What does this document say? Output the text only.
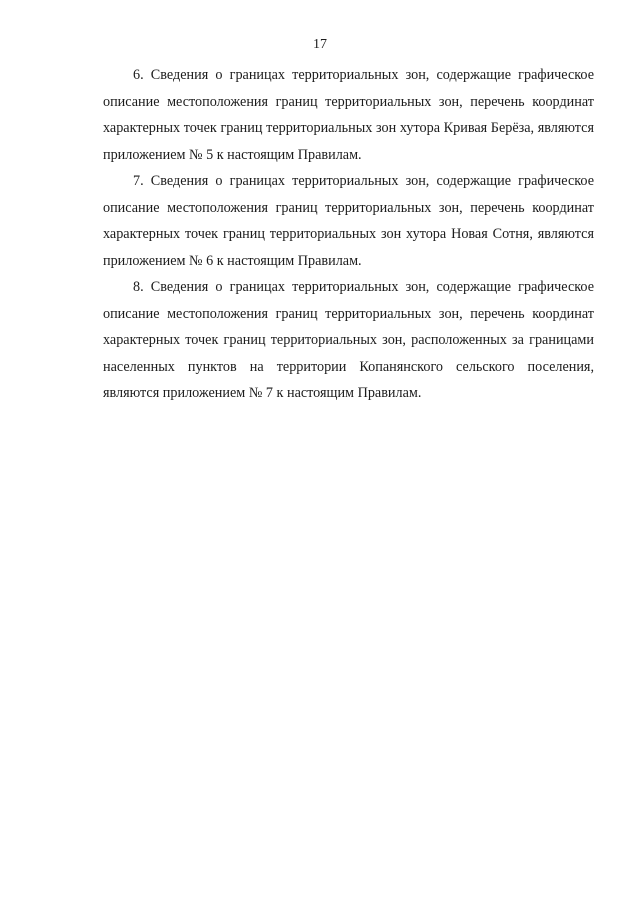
17

6. Сведения о границах территориальных зон, содержащие графическое описание местоположения границ территориальных зон, перечень координат характерных точек границ территориальных зон хутора Кривая Берёза, являются приложением № 5 к настоящим Правилам.

7. Сведения о границах территориальных зон, содержащие графическое описание местоположения границ территориальных зон, перечень координат характерных точек границ территориальных зон хутора Новая Сотня, являются приложением № 6 к настоящим Правилам.

8. Сведения о границах территориальных зон, содержащие графическое описание местоположения границ территориальных зон, перечень координат характерных точек границ территориальных зон, расположенных за границами населенных пунктов на территории Копанянского сельского поселения, являются приложением № 7 к настоящим Правилам.
